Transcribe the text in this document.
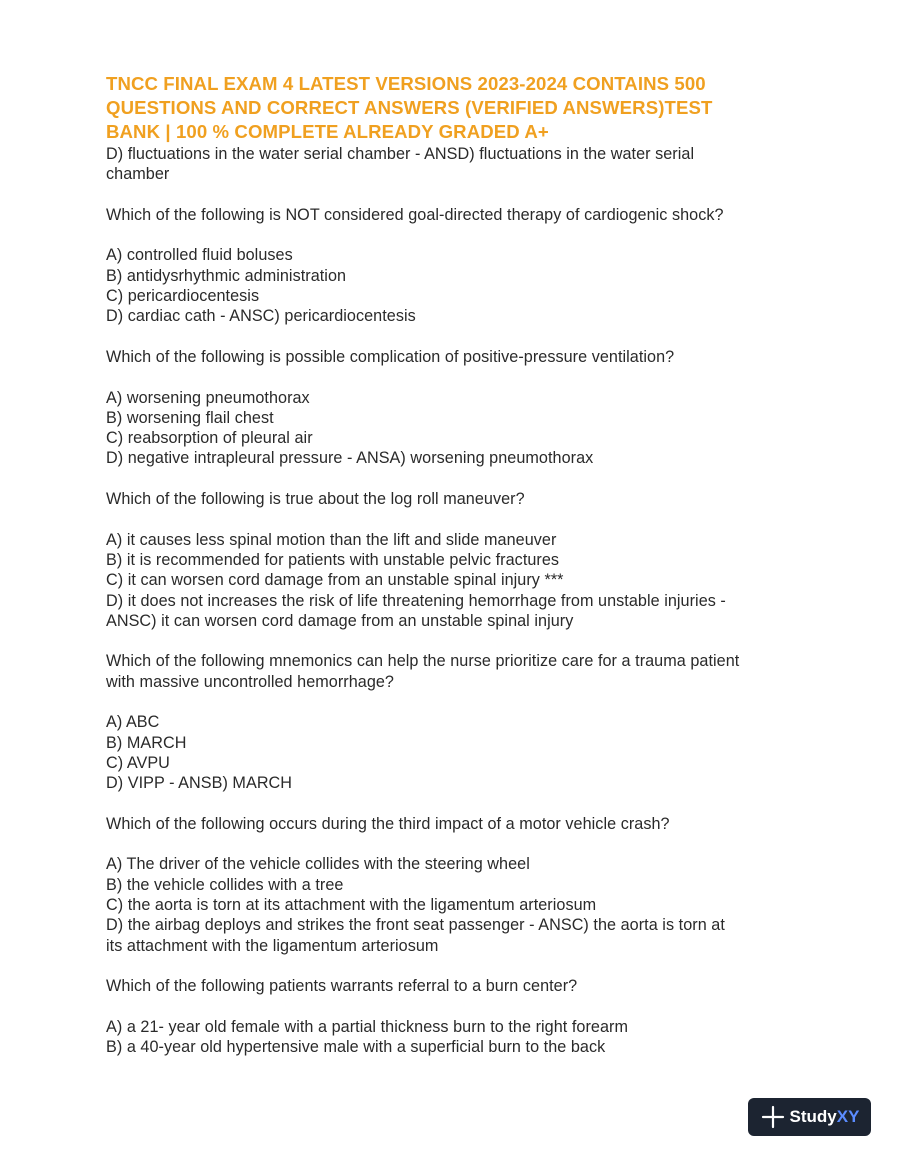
TNCC FINAL EXAM 4 LATEST VERSIONS 2023-2024 CONTAINS 500
QUESTIONS AND CORRECT ANSWERS (VERIFIED ANSWERS)TEST
BANK | 100 % COMPLETE ALREADY GRADED A+
D) fluctuations in the water serial chamber - ANSD) fluctuations in the water serial
chamber
Which of the following is NOT considered goal-directed therapy of cardiogenic shock?
A) controlled fluid boluses
B) antidysrhythmic administration
C) pericardiocentesis
D) cardiac cath - ANSC) pericardiocentesis
Which of the following is possible complication of positive-pressure ventilation?
A) worsening pneumothorax
B) worsening flail chest
C) reabsorption of pleural air
D) negative intrapleural pressure - ANSA) worsening pneumothorax
Which of the following is true about the log roll maneuver?
A) it causes less spinal motion than the lift and slide maneuver
B) it is recommended for patients with unstable pelvic fractures
C) it can worsen cord damage from an unstable spinal injury ***
D) it does not increases the risk of life threatening hemorrhage from unstable injuries -
ANSC) it can worsen cord damage from an unstable spinal injury
Which of the following mnemonics can help the nurse prioritize care for a trauma patient
with massive uncontrolled hemorrhage?
A) ABC
B) MARCH
C) AVPU
D) VIPP - ANSB) MARCH
Which of the following occurs during the third impact of a motor vehicle crash?
A) The driver of the vehicle collides with the steering wheel
B) the vehicle collides with a tree
C) the aorta is torn at its attachment with the ligamentum arteriosum
D) the airbag deploys and strikes the front seat passenger - ANSC) the aorta is torn at
its attachment with the ligamentum arteriosum
Which of the following patients warrants referral to a burn center?
A) a 21- year old female with a partial thickness burn to the right forearm
B) a 40-year old hypertensive male with a superficial burn to the back
StudyXY
